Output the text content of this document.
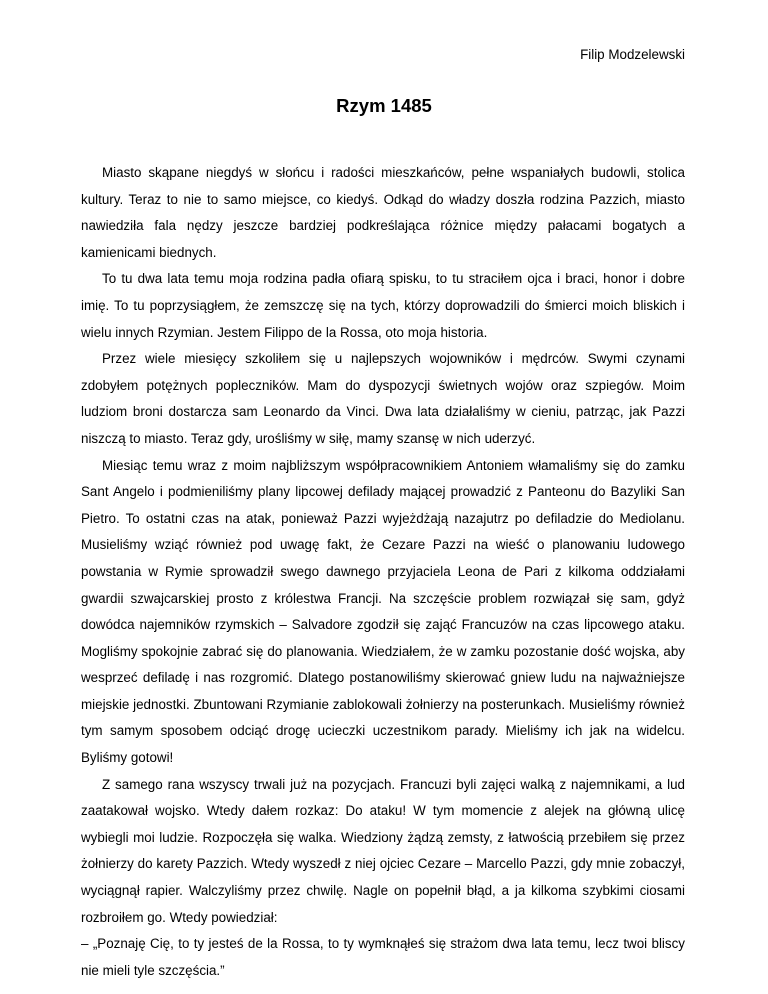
Filip Modzelewski
Rzym 1485

Miasto skąpane niegdyś w słońcu i radości mieszkańców, pełne wspaniałych budowli, stolica kultury. Teraz to nie to samo miejsce, co kiedyś. Odkąd do władzy doszła rodzina Pazzich, miasto nawiedziła fala nędzy jeszcze bardziej podkreślająca różnice między pałacami bogatych a kamienicami biednych.

To tu dwa lata temu moja rodzina padła ofiarą spisku, to tu straciłem ojca i braci, honor i dobre imię. To tu poprzysiągłem, że zemszczę się na tych, którzy doprowadzili do śmierci moich bliskich i wielu innych Rzymian. Jestem Filippo de la Rossa, oto moja historia.

Przez wiele miesięcy szkoliłem się u najlepszych wojowników i mędrców. Swymi czynami zdobyłem potężnych popleczników. Mam do dyspozycji świetnych wojów oraz szpiegów. Moim ludziom broni dostarcza sam Leonardo da Vinci. Dwa lata działaliśmy w cieniu, patrząc, jak Pazzi niszczą to miasto. Teraz gdy, urośliśmy w siłę, mamy szansę w nich uderzyć.

Miesiąc temu wraz z moim najbliższym współpracownikiem Antoniem włamaliśmy się do zamku Sant Angelo i podmieniliśmy plany lipcowej defilady mającej prowadzić z Panteonu do Bazyliki San Pietro. To ostatni czas na atak, ponieważ Pazzi wyjeżdżają nazajutrz po defiladzie do Mediolanu. Musieliśmy wziąć również pod uwagę fakt, że Cezare Pazzi na wieść o planowaniu ludowego powstania w Rymie sprowadził swego dawnego przyjaciela Leona de Pari z kilkoma oddziałami gwardii szwajcarskiej prosto z królestwa Francji. Na szczęście problem rozwiązał się sam, gdyż dowódca najemników rzymskich – Salvadore zgodził się zająć Francuzów na czas lipcowego ataku. Mogliśmy spokojnie zabrać się do planowania. Wiedziałem, że w zamku pozostanie dość wojska, aby wesprzeć defiladę i nas rozgromić. Dlatego postanowiliśmy skierować gniew ludu na najważniejsze miejskie jednostki. Zbuntowani Rzymianie zablokowali żołnierzy na posterunkach. Musieliśmy również tym samym sposobem odciąć drogę ucieczki uczestnikom parady. Mieliśmy ich jak na widelcu. Byliśmy gotowi!

Z samego rana wszyscy trwali już na pozycjach. Francuzi byli zajęci walką z najemnikami, a lud zaatakował wojsko. Wtedy dałem rozkaz: Do ataku! W tym momencie z alejek na główną ulicę wybiegli moi ludzie. Rozpoczęła się walka. Wiedziony żądzą zemsty, z łatwością przebiłem się przez żołnierzy do karety Pazzich. Wtedy wyszedł z niej ojciec Cezare – Marcello Pazzi, gdy mnie zobaczył, wyciągnął rapier. Walczyliśmy przez chwilę. Nagle on popełnił błąd, a ja kilkoma szybkimi ciosami rozbroiłem go. Wtedy powiedział:

– „Poznaję Cię, to ty jesteś de la Rossa, to ty wymknąłeś się strażom dwa lata temu, lecz twoi bliscy nie mieli tyle szczęścia.”
